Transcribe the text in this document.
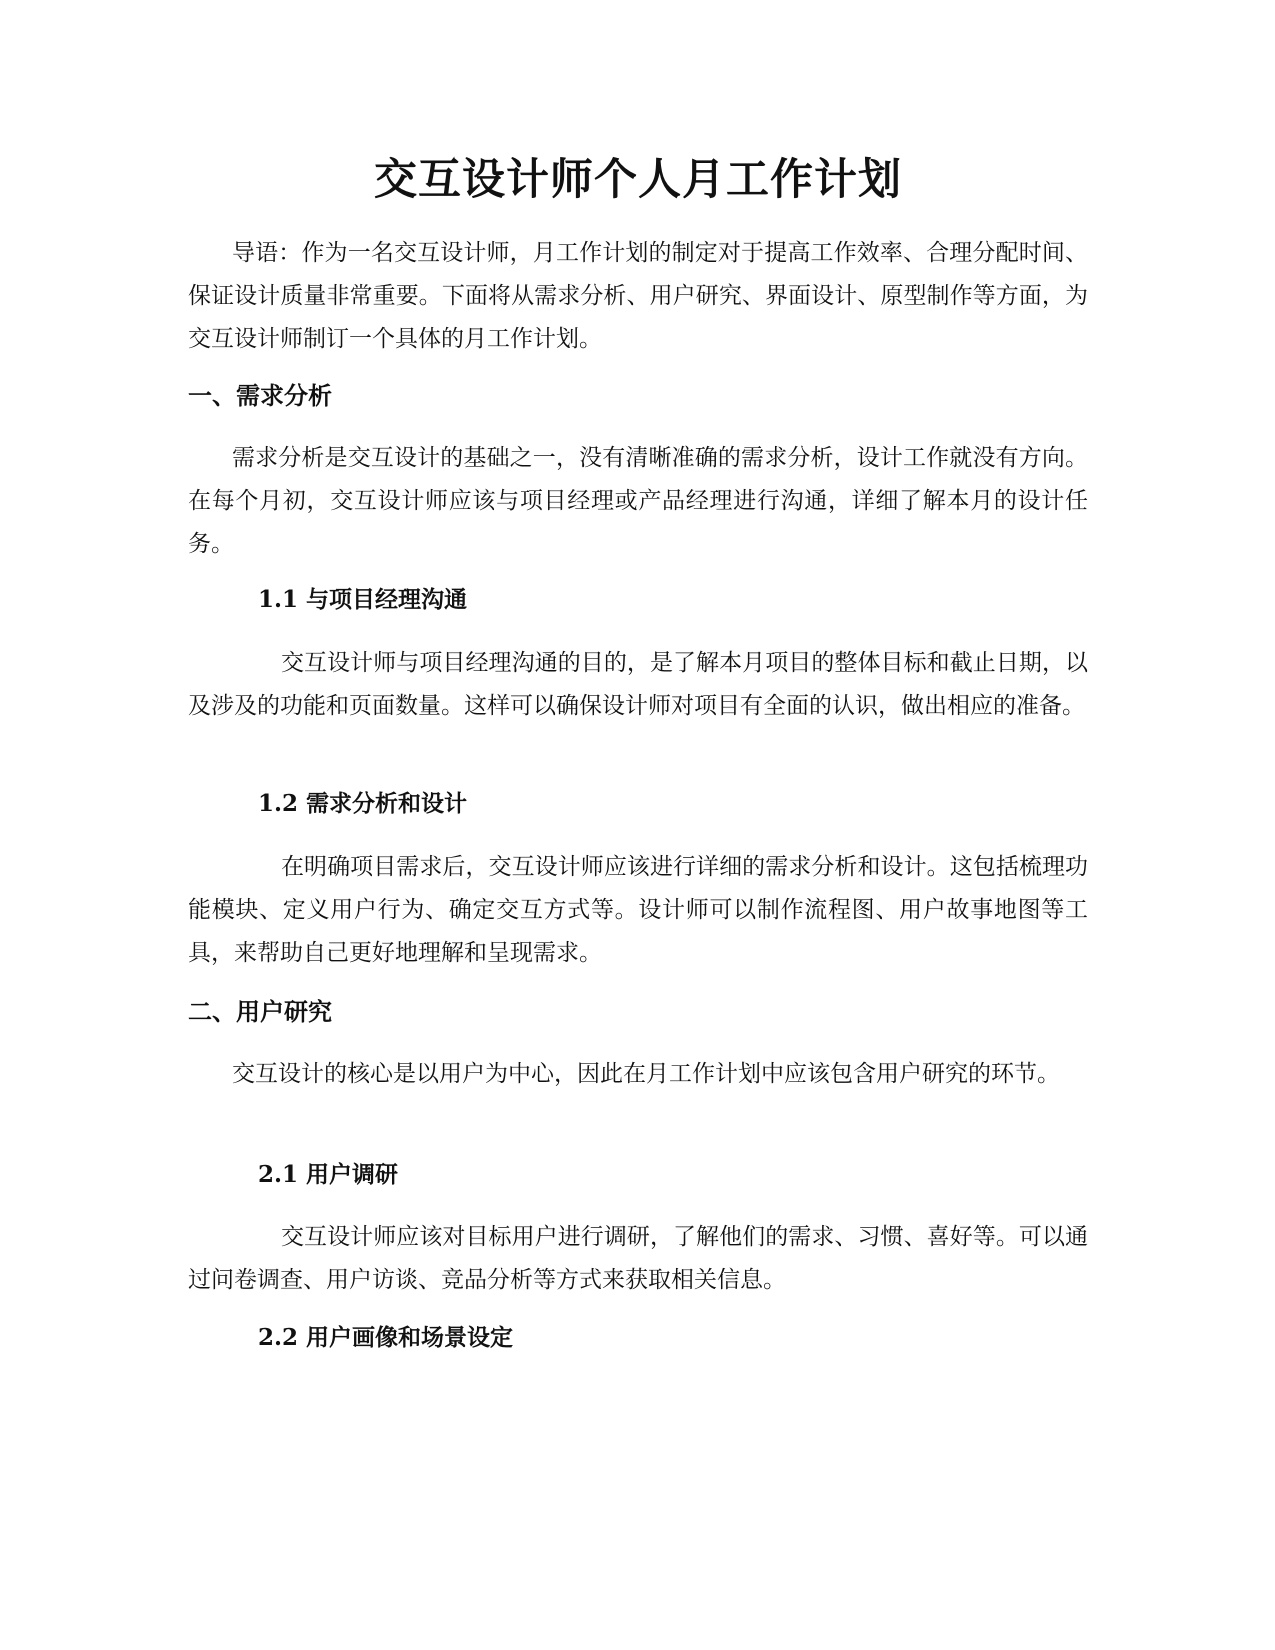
交互设计师个人月工作计划

导语：作为一名交互设计师，月工作计划的制定对于提高工作效率、合理分配时间、保证设计质量非常重要。下面将从需求分析、用户研究、界面设计、原型制作等方面，为交互设计师制订一个具体的月工作计划。

一、需求分析

需求分析是交互设计的基础之一，没有清晰准确的需求分析，设计工作就没有方向。在每个月初，交互设计师应该与项目经理或产品经理进行沟通，详细了解本月的设计任务。

1.1 与项目经理沟通

交互设计师与项目经理沟通的目的，是了解本月项目的整体目标和截止日期，以及涉及的功能和页面数量。这样可以确保设计师对项目有全面的认识，做出相应的准备。

1.2 需求分析和设计

在明确项目需求后，交互设计师应该进行详细的需求分析和设计。这包括梳理功能模块、定义用户行为、确定交互方式等。设计师可以制作流程图、用户故事地图等工具，来帮助自己更好地理解和呈现需求。

二、用户研究

交互设计的核心是以用户为中心，因此在月工作计划中应该包含用户研究的环节。

2.1 用户调研

交互设计师应该对目标用户进行调研，了解他们的需求、习惯、喜好等。可以通过问卷调查、用户访谈、竞品分析等方式来获取相关信息。

2.2 用户画像和场景设定
